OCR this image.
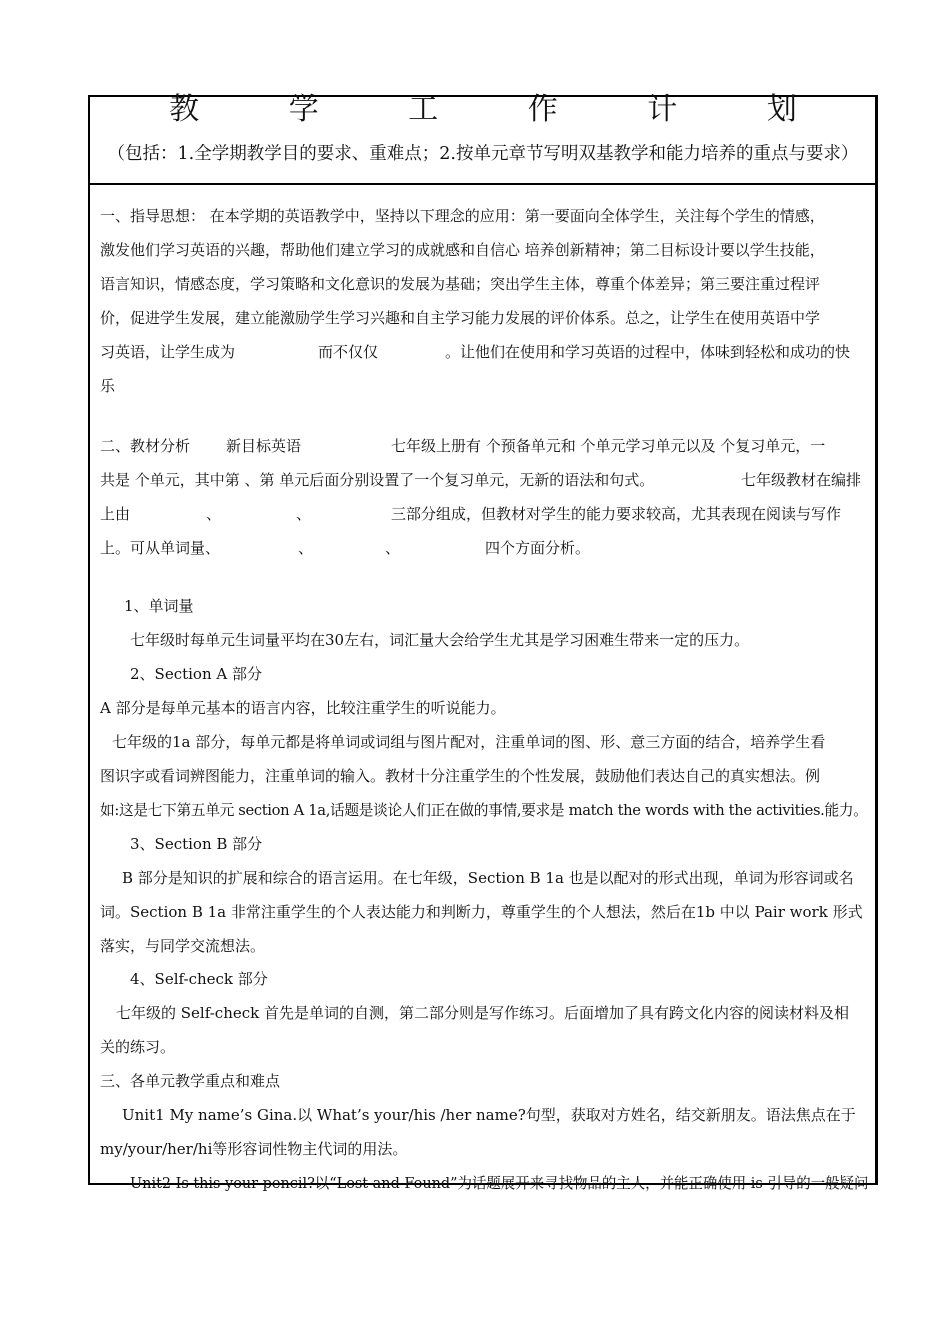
教 学 工 作 计 划
（包括：1.全学期教学目的要求、重难点；2.按单元章节写明双基教学和能力培养的重点与要求）
一、指导思想： 在本学期的英语教学中，坚持以下理念的应用：第一要面向全体学生，关注每个学生的情感，
激发他们学习英语的兴趣，帮助他们建立学习的成就感和自信心 培养创新精神；第二目标设计要以学生技能，
语言知识，情感态度，学习策略和文化意识的发展为基础；突出学生主体，尊重个体差异；第三要注重过程评
价，促进学生发展，建立能激励学生学习兴趣和自主学习能力发展的评价体系。总之，让学生在使用英语中学
习英语，让学生成为	而不仅仅	。让他们在使用和学习英语的过程中，体味到轻松和成功的快
乐
二、教材分析 新目标英语	七年级上册有 个预备单元和 个单元学习单元以及 个复习单元，一
共是 个单元，其中第 、第 单元后面分别设置了一个复习单元，无新的语法和句式。	七年级教材在编排
上由	、	、	三部分组成，但教材对学生的能力要求较高，尤其表现在阅读与写作
上。可从单词量、	、	、	四个方面分析。
1、单词量
七年级时每单元生词量平均在30左右，词汇量大会给学生尤其是学习困难生带来一定的压力。
2、Section A 部分
A 部分是每单元基本的语言内容，比较注重学生的听说能力。
七年级的1a 部分，每单元都是将单词或词组与图片配对，注重单词的图、形、意三方面的结合，培养学生看
图识字或看词辨图能力，注重单词的输入。教材十分注重学生的个性发展，鼓励他们表达自己的真实想法。例
如:这是七下第五单元 section A 1a,话题是谈论人们正在做的事情,要求是 match the words with the activities.能力。
3、Section B 部分
B 部分是知识的扩展和综合的语言运用。在七年级，Section B 1a 也是以配对的形式出现，单词为形容词或名
词。Section B 1a 非常注重学生的个人表达能力和判断力，尊重学生的个人想法，然后在1b 中以 Pair work 形式
落实，与同学交流想法。
4、Self-check 部分
七年级的 Self-check 首先是单词的自测，第二部分则是写作练习。后面增加了具有跨文化内容的阅读材料及相
关的练习。
三、各单元教学重点和难点
Unit1 My name’s Gina.以 What’s your/his /her name?句型，获取对方姓名，结交新朋友。语法焦点在于
my/your/her/hi等形容词性物主代词的用法。
Unit2 Is this your pencil?以“Lost and Found”为话题展开来寻找物品的主人，并能正确使用 is 引导的一般疑问
